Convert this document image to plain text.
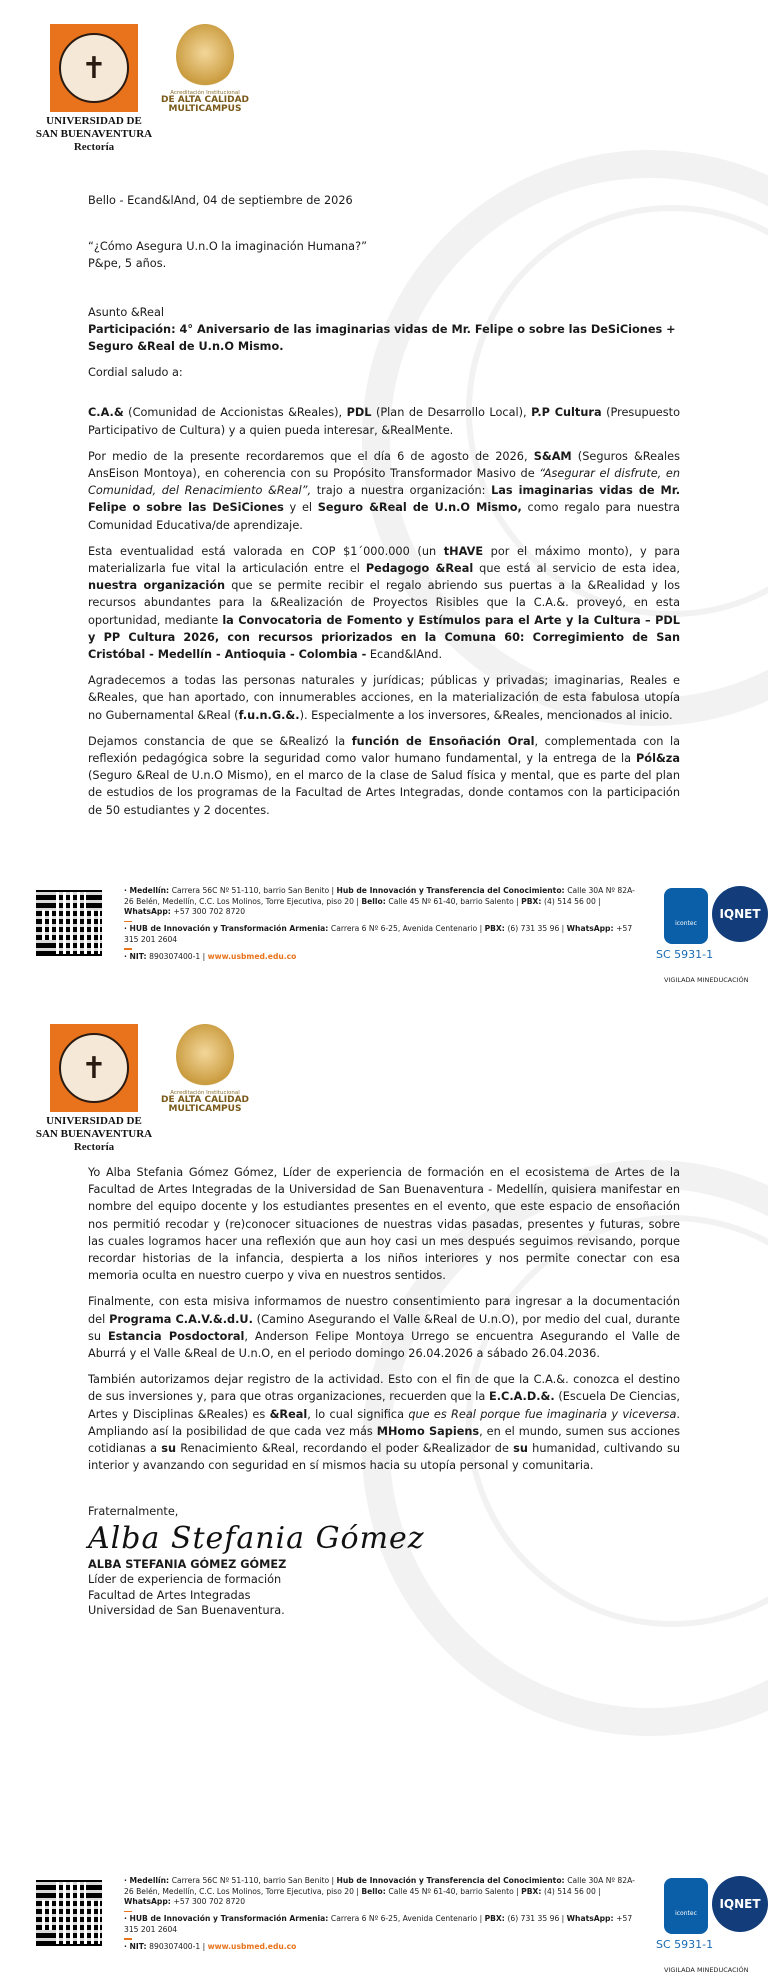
✝
UNIVERSIDAD DE
SAN BUENAVENTURA
Rectoría
Acreditación Institucional
DE ALTA CALIDAD
MULTICAMPUS

Bello - Ecand&lAnd, 04 de septiembre de 2026

“¿Cómo Asegura U.n.O la imaginación Humana?”

P&pe, 5 años.

Asunto &Real

Participación: 4° Aniversario de las imaginarias vidas de Mr. Felipe o sobre las DeSiCiones + Seguro &Real de U.n.O Mismo.

Cordial saludo a:

C.A.& (Comunidad de Accionistas &Reales), PDL (Plan de Desarrollo Local), P.P Cultura (Presupuesto Participativo de Cultura) y a quien pueda interesar, &RealMente.

Por medio de la presente recordaremos que el día 6 de agosto de 2026, S&AM (Seguros &Reales AnsEison Montoya), en coherencia con su Propósito Transformador Masivo de “Asegurar el disfrute, en Comunidad, del Renacimiento &Real”, trajo a nuestra organización: Las imaginarias vidas de Mr. Felipe o sobre las DeSiCiones y el Seguro &Real de U.n.O Mismo, como regalo para nuestra Comunidad Educativa/de aprendizaje.

Esta eventualidad está valorada en COP $1´000.000 (un tHAVE por el máximo monto), y para materializarla fue vital la articulación entre el Pedagogo &Real que está al servicio de esta idea, nuestra organización que se permite recibir el regalo abriendo sus puertas a la &Realidad y los recursos abundantes para la &Realización de Proyectos Risibles que la C.A.&. proveyó, en esta oportunidad, mediante la Convocatoria de Fomento y Estímulos para el Arte y la Cultura – PDL y PP Cultura 2026, con recursos priorizados en la Comuna 60: Corregimiento de San Cristóbal - Medellín - Antioquia - Colombia - Ecand&lAnd.

Agradecemos a todas las personas naturales y jurídicas; públicas y privadas; imaginarias, Reales e &Reales, que han aportado, con innumerables acciones, en la materialización de esta fabulosa utopía no Gubernamental &Real (f.u.n.G.&.). Especialmente a los inversores, &Reales, mencionados al inicio.

Dejamos constancia de que se &Realizó la función de Ensoñación Oral, complementada con la reflexión pedagógica sobre la seguridad como valor humano fundamental, y la entrega de la Pól&za (Seguro &Real de U.n.O Mismo), en el marco de la clase de Salud física y mental, que es parte del plan de estudios de los programas de la Facultad de Artes Integradas, donde contamos con la participación de 50 estudiantes y 2 docentes.

· Medellín: Carrera 56C Nº 51-110, barrio San Benito | Hub de Innovación y Transferencia del Conocimiento: Calle 30A Nº 82A-26 Belén, Medellín, C.C. Los Molinos, Torre Ejecutiva, piso 20 | Bello: Calle 45 Nº 61-40, barrio Salento | PBX: (4) 514 56 00 | WhatsApp: +57 300 702 8720
· HUB de Innovación y Transformación Armenia: Carrera 6 Nº 6-25, Avenida Centenario | PBX: (6) 731 35 96 | WhatsApp: +57 315 201 2604
· NIT: 890307400-1 | www.usbmed.edu.co
icontec
IQNET
SC 5931-1
VIGILADA MINEDUCACIÓN
✝
UNIVERSIDAD DE
SAN BUENAVENTURA
Rectoría
Acreditación Institucional
DE ALTA CALIDAD
MULTICAMPUS

Yo Alba Stefania Gómez Gómez, Líder de experiencia de formación en el ecosistema de Artes de la Facultad de Artes Integradas de la Universidad de San Buenaventura - Medellín, quisiera manifestar en nombre del equipo docente y los estudiantes presentes en el evento, que este espacio de ensoñación nos permitió recodar y (re)conocer situaciones de nuestras vidas pasadas, presentes y futuras, sobre las cuales logramos hacer una reflexión que aun hoy casi un mes después seguimos revisando, porque recordar historias de la infancia, despierta a los niños interiores y nos permite conectar con esa memoria oculta en nuestro cuerpo y viva en nuestros sentidos.

Finalmente, con esta misiva informamos de nuestro consentimiento para ingresar a la documentación del Programa C.A.V.&.d.U. (Camino Asegurando el Valle &Real de U.n.O), por medio del cual, durante su Estancia Posdoctoral, Anderson Felipe Montoya Urrego se encuentra Asegurando el Valle de Aburrá y el Valle &Real de U.n.O, en el periodo domingo 26.04.2026 a sábado 26.04.2036.

También autorizamos dejar registro de la actividad. Esto con el fin de que la C.A.&. conozca el destino de sus inversiones y, para que otras organizaciones, recuerden que la E.C.A.D.&. (Escuela De Ciencias, Artes y Disciplinas &Reales) es &Real, lo cual significa que es Real porque fue imaginaria y viceversa. Ampliando así la posibilidad de que cada vez más MHomo Sapiens, en el mundo, sumen sus acciones cotidianas a su Renacimiento &Real, recordando el poder &Realizador de su humanidad, cultivando su interior y avanzando con seguridad en sí mismos hacia su utopía personal y comunitaria.

Fraternalmente,

Alba Stefania Gómez
ALBA STEFANIA GÓMEZ GÓMEZ
Líder de experiencia de formación
Facultad de Artes Integradas
Universidad de San Buenaventura.
· Medellín: Carrera 56C Nº 51-110, barrio San Benito | Hub de Innovación y Transferencia del Conocimiento: Calle 30A Nº 82A-26 Belén, Medellín, C.C. Los Molinos, Torre Ejecutiva, piso 20 | Bello: Calle 45 Nº 61-40, barrio Salento | PBX: (4) 514 56 00 | WhatsApp: +57 300 702 8720
· HUB de Innovación y Transformación Armenia: Carrera 6 Nº 6-25, Avenida Centenario | PBX: (6) 731 35 96 | WhatsApp: +57 315 201 2604
· NIT: 890307400-1 | www.usbmed.edu.co
icontec
IQNET
SC 5931-1
VIGILADA MINEDUCACIÓN
